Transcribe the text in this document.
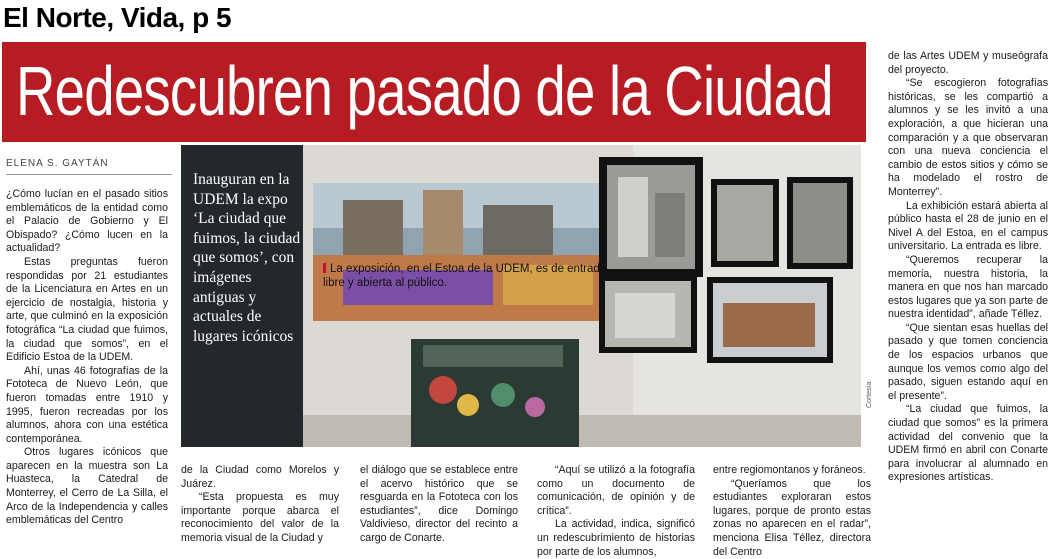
El Norte, Vida, p 5
Redescubren pasado de la Ciudad
ELENA S. GAYTÁN

¿Cómo lucían en el pasado sitios emblemáticos de la entidad como el Palacio de Gobierno y El Obispado? ¿Cómo lucen en la actualidad?

Estas preguntas fueron respondidas por 21 estudiantes de la Licenciatura en Artes en un ejercicio de nostalgia, historia y arte, que culminó en la exposición fotográfica “La ciudad que fuimos, la ciudad que somos”, en el Edificio Estoa de la UDEM.

Ahí, unas 46 fotografías de la Fototeca de Nuevo León, que fueron tomadas entre 1910 y 1995, fueron recreadas por los alumnos, ahora con una estética contemporánea.

Otros lugares icónicos que aparecen en la muestra son La Huasteca, la Catedral de Monterrey, el Cerro de La Silla, el Arco de la Independencia y calles emblemáticas del Centro

Inauguran en la UDEM la expo ‘La ciudad que fuimos, la ciudad que somos’, con imágenes antiguas y actuales de lugares icónicos
La exposición, en el Estoa de la UDEM, es de entrada libre y abierta al público.
Cortesía

de la Ciudad como Morelos y Juárez.

“Esta propuesta es muy importante porque abarca el reconocimiento del valor de la memoria visual de la Ciudad y

el diálogo que se establece entre el acervo histórico que se resguarda en la Fototeca con los estudiantes”, dice Domingo Valdivieso, director del recinto a cargo de Conarte.

“Aquí se utilizó a la fotografía como un documento de comunicación, de opinión y de crítica”.

La actividad, indica, significó un redescubrimiento de historias por parte de los alumnos,

entre regiomontanos y foráneos.

“Queríamos que los estudiantes exploraran estos lugares, porque de pronto estas zonas no aparecen en el radar”, menciona Elisa Téllez, directora del Centro

de las Artes UDEM y museógrafa del proyecto.

“Se escogieron fotografías históricas, se les compartió a alumnos y se les invitó a una exploración, a que hicieran una comparación y a que observaran con una nueva conciencia el cambio de estos sitios y cómo se ha modelado el rostro de Monterrey”.

La exhibición estará abierta al público hasta el 28 de junio en el Nivel A del Estoa, en el campus universitario. La entrada es libre.

“Queremos recuperar la memoria, nuestra historia, la manera en que nos han marcado estos lugares que ya son parte de nuestra identidad”, añade Téllez.

“Que sientan esas huellas del pasado y que tomen conciencia de los espacios urbanos que aunque los vemos como algo del pasado, siguen estando aquí en el presente”.

“La ciudad que fuimos, la ciudad que somos” es la primera actividad del convenio que la UDEM firmó en abril con Conarte para involucrar al alumnado en expresiones artísticas.
